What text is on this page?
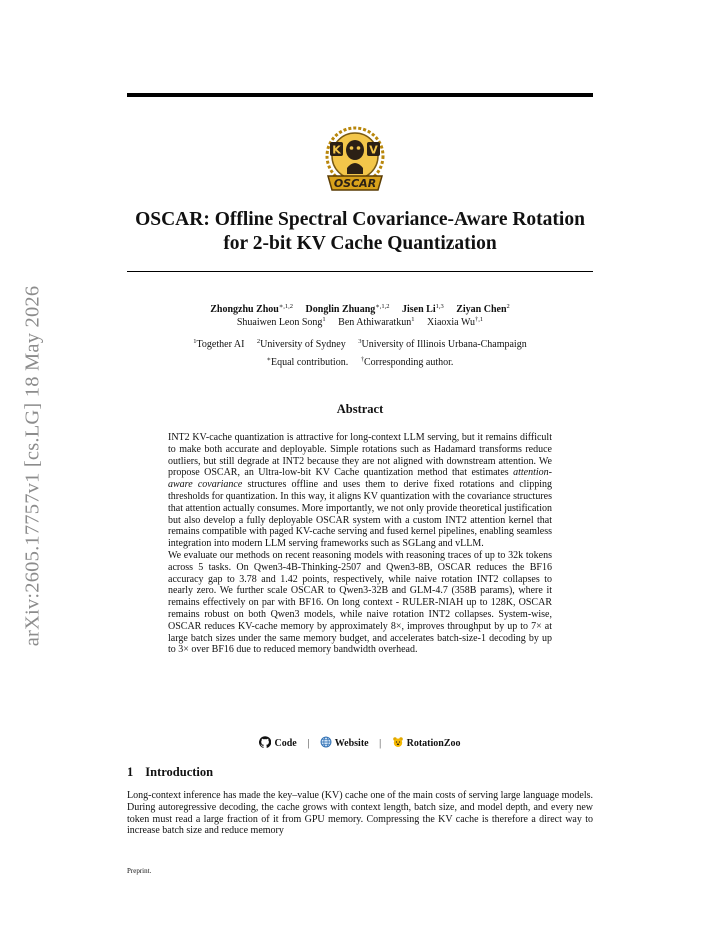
arXiv:2605.17757v1 [cs.LG] 18 May 2026
K	V
OSCAR
OSCAR: Offline Spectral Covariance-Aware Rotation
for 2-bit KV Cache Quantization
Zhongzhu Zhou$^{∗,1,2}$ Donglin Zhuang$^{∗,1,2}$ Jisen Li$^{1,3}$ Ziyan Chen$^2$
Shuaiwen Leon Song$^1$ Ben Athiwaratkun$^1$ Xiaoxia $Wu^{\dagger,1}$
$^1$Together AI $^2$University of Sydney $^3$University of Illinois Urbana-Champaign
∗Equal contribution. †Corresponding author.
Abstract

INT2 KV-cache quantization is attractive for long-context LLM serving, but it remains difficult to make both accurate and deployable. Simple rotations such as Hadamard transforms reduce outliers, but still degrade at INT2 because they are not aligned with downstream attention. We propose OSCAR, an Ultra-low-bit KV Cache quantization method that estimates attention-aware covariance structures offline and uses them to derive fixed rotations and clipping thresholds for quantization. In this way, it aligns KV quantization with the covariance structures that attention actually consumes. More importantly, we not only provide theoretical justification but also develop a fully deployable OSCAR system with a custom INT2 attention kernel that remains compatible with paged KV-cache serving and fused kernel pipelines, enabling seamless integration into modern LLM serving frameworks such as SGLang and vLLM.

We evaluate our methods on recent reasoning models with reasoning traces of up to 32k tokens across 5 tasks. On Qwen3-4B-Thinking-2507 and Qwen3-8B, OSCAR reduces the BF16 accuracy gap to 3.78 and 1.42 points, respectively, while naive rotation INT2 collapses to nearly zero. We further scale OSCAR to Qwen3-32B and GLM-4.7 (358B params), where it remains effectively on par with BF16. On long context - RULER-NIAH up to 128K, OSCAR remains robust on both Qwen3 models, while naive rotation INT2 collapses. System-wise, OSCAR reduces KV-cache memory by approximately 8×, improves throughput by up to 7× at large batch sizes under the same memory budget, and accelerates batch-size-1 decoding by up to 3× over BF16 due to reduced memory bandwidth overhead.

Code |	Website |	RotationZoo
1 Introduction

Long-context inference has made the key–value (KV) cache one of the main costs of serving large language models. During autoregressive decoding, the cache grows with context length, batch size, and model depth, and every new token must read a large fraction of it from GPU memory. Compressing the KV cache is therefore a direct way to increase batch size and reduce memory

Preprint.
